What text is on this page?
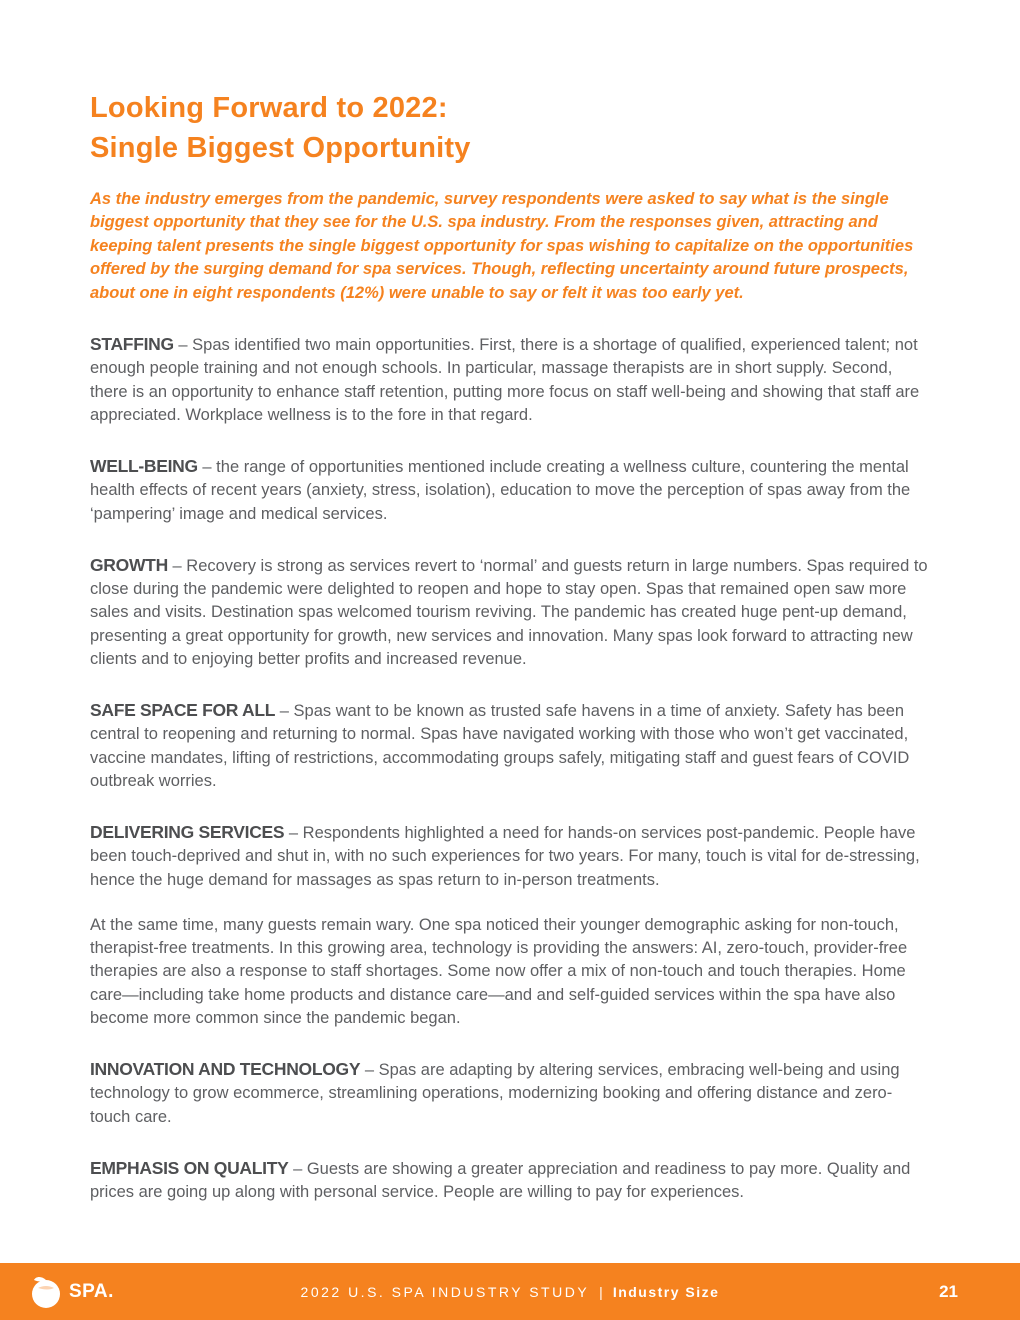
Looking Forward to 2022:
Single Biggest Opportunity

As the industry emerges from the pandemic, survey respondents were asked to say what is the single biggest opportunity that they see for the U.S. spa industry. From the responses given, attracting and keeping talent presents the single biggest opportunity for spas wishing to capitalize on the opportunities offered by the surging demand for spa services. Though, reflecting uncertainty around future prospects, about one in eight respondents (12%) were unable to say or felt it was too early yet.

STAFFING – Spas identified two main opportunities. First, there is a shortage of qualified, experienced talent; not enough people training and not enough schools. In particular, massage therapists are in short supply. Second, there is an opportunity to enhance staff retention, putting more focus on staff well-being and showing that staff are appreciated. Workplace wellness is to the fore in that regard.

WELL-BEING – the range of opportunities mentioned include creating a wellness culture, countering the mental health effects of recent years (anxiety, stress, isolation), education to move the perception of spas away from the ‘pampering’ image and medical services.

GROWTH – Recovery is strong as services revert to ‘normal’ and guests return in large numbers. Spas required to close during the pandemic were delighted to reopen and hope to stay open. Spas that remained open saw more sales and visits. Destination spas welcomed tourism reviving. The pandemic has created huge pent-up demand, presenting a great opportunity for growth, new services and innovation. Many spas look forward to attracting new clients and to enjoying better profits and increased revenue.

SAFE SPACE FOR ALL – Spas want to be known as trusted safe havens in a time of anxiety. Safety has been central to reopening and returning to normal. Spas have navigated working with those who won’t get vaccinated, vaccine mandates, lifting of restrictions, accommodating groups safely, mitigating staff and guest fears of COVID outbreak worries.

DELIVERING SERVICES – Respondents highlighted a need for hands-on services post-pandemic. People have been touch-deprived and shut in, with no such experiences for two years. For many, touch is vital for de-stressing, hence the huge demand for massages as spas return to in-person treatments.

At the same time, many guests remain wary. One spa noticed their younger demographic asking for non-touch, therapist-free treatments. In this growing area, technology is providing the answers: AI, zero-touch, provider-free therapies are also a response to staff shortages. Some now offer a mix of non-touch and touch therapies. Home care—including take home products and distance care—and and self-guided services within the spa have also become more common since the pandemic began.

INNOVATION AND TECHNOLOGY – Spas are adapting by altering services, embracing well-being and using technology to grow ecommerce, streamlining operations, modernizing booking and offering distance and zero-touch care.

EMPHASIS ON QUALITY – Guests are showing a greater appreciation and readiness to pay more. Quality and prices are going up along with personal service. People are willing to pay for experiences.

SPA.	2022 U.S. SPA INDUSTRY STUDY | Industry Size	21
